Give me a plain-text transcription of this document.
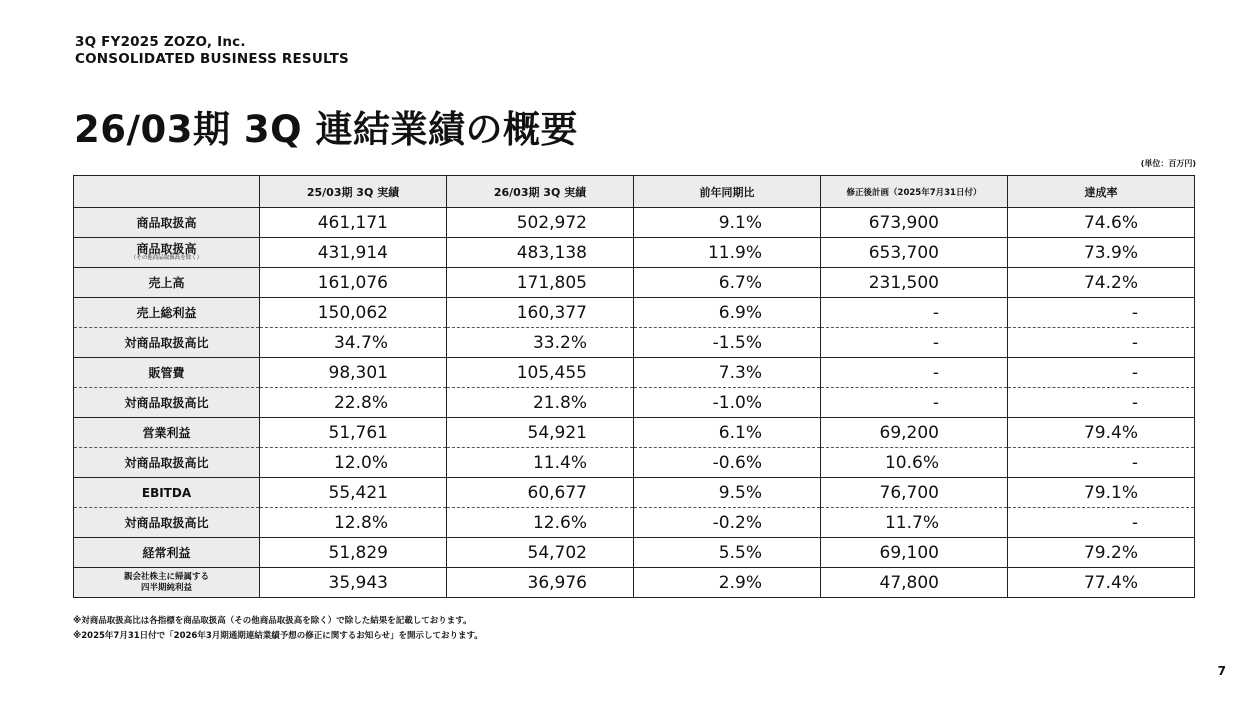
3Q FY2025 ZOZO, Inc.
CONSOLIDATED BUSINESS RESULTS
26/03期 3Q 連結業績の概要
(単位：百万円)
	25/03期 3Q 実績	26/03期 3Q 実績	前年同期比	修正後計画（2025年7月31日付）	達成率
商品取扱高	461,171	502,972	9.1%	673,900	74.6%
商品取扱高
（その他商品取扱高を除く）	431,914	483,138	11.9%	653,700	73.9%
売上高	161,076	171,805	6.7%	231,500	74.2%
売上総利益	150,062	160,377	6.9%	-	-
対商品取扱高比	34.7%	33.2%	-1.5%	-	-
販管費	98,301	105,455	7.3%	-	-
対商品取扱高比	22.8%	21.8%	-1.0%	-	-
営業利益	51,761	54,921	6.1%	69,200	79.4%
対商品取扱高比	12.0%	11.4%	-0.6%	10.6%	-
EBITDA	55,421	60,677	9.5%	76,700	79.1%
対商品取扱高比	12.8%	12.6%	-0.2%	11.7%	-
経常利益	51,829	54,702	5.5%	69,100	79.2%
親会社株主に帰属する
四半期純利益	35,943	36,976	2.9%	47,800	77.4%
※対商品取扱高比は各指標を商品取扱高（その他商品取扱高を除く）で除した結果を記載しております。
※2025年7月31日付で「2026年3月期通期連結業績予想の修正に関するお知らせ」を開示しております。
7
